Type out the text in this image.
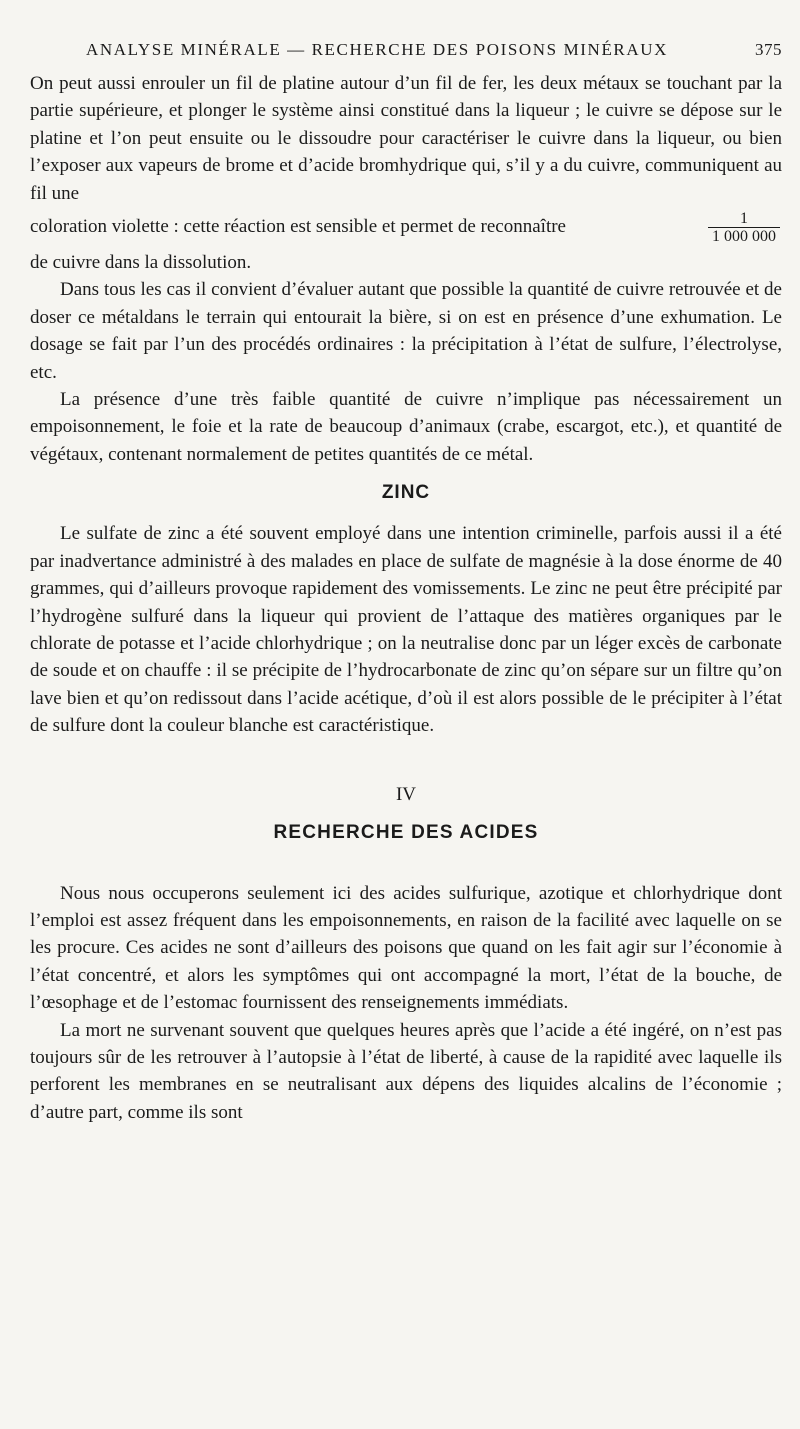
ANALYSE MINÉRALE — RECHERCHE DES POISONS MINÉRAUX	375

On peut aussi enrouler un fil de platine autour d’un fil de fer, les deux métaux se touchant par la partie supérieure, et plonger le système ainsi constitué dans la liqueur ; le cuivre se dépose sur le platine et l’on peut ensuite ou le dissoudre pour caractériser le cuivre dans la liqueur, ou bien l’exposer aux vapeurs de brome et d’acide bromhydrique qui, s’il y a du cuivre, communiquent au fil une

coloration violette : cette réaction est sensible et permet de reconnaître	$\frac{1}{1 000 000}$

de cuivre dans la dissolution.

Dans tous les cas il convient d’évaluer autant que possible la quantité de cuivre retrouvée et de doser ce métaldans le terrain qui entourait la bière, si on est en présence d’une exhumation. Le dosage se fait par l’un des procédés ordinaires : la précipitation à l’état de sulfure, l’électrolyse, etc.

La présence d’une très faible quantité de cuivre n’implique pas nécessairement un empoisonnement, le foie et la rate de beaucoup d’animaux (crabe, escargot, etc.), et quantité de végétaux, contenant normalement de petites quantités de ce métal.

ZINC

Le sulfate de zinc a été souvent employé dans une intention criminelle, parfois aussi il a été par inadvertance administré à des malades en place de sulfate de magnésie à la dose énorme de 40 grammes, qui d’ailleurs provoque rapidement des vomissements. Le zinc ne peut être précipité par l’hydrogène sulfuré dans la liqueur qui provient de l’attaque des matières organiques par le chlorate de potasse et l’acide chlorhydrique ; on la neutralise donc par un léger excès de carbonate de soude et on chauffe : il se précipite de l’hydrocarbonate de zinc qu’on sépare sur un filtre qu’on lave bien et qu’on redissout dans l’acide acétique, d’où il est alors possible de le précipiter à l’état de sulfure dont la couleur blanche est caractéristique.

IV
RECHERCHE DES ACIDES

Nous nous occuperons seulement ici des acides sulfurique, azotique et chlorhydrique dont l’emploi est assez fréquent dans les empoisonnements, en raison de la facilité avec laquelle on se les procure. Ces acides ne sont d’ailleurs des poisons que quand on les fait agir sur l’économie à l’état concentré, et alors les symptômes qui ont accompagné la mort, l’état de la bouche, de l’œsophage et de l’estomac fournissent des renseignements immédiats.

La mort ne survenant souvent que quelques heures après que l’acide a été ingéré, on n’est pas toujours sûr de les retrouver à l’autopsie à l’état de liberté, à cause de la rapidité avec laquelle ils perforent les membranes en se neutralisant aux dépens des liquides alcalins de l’économie ; d’autre part, comme ils sont
